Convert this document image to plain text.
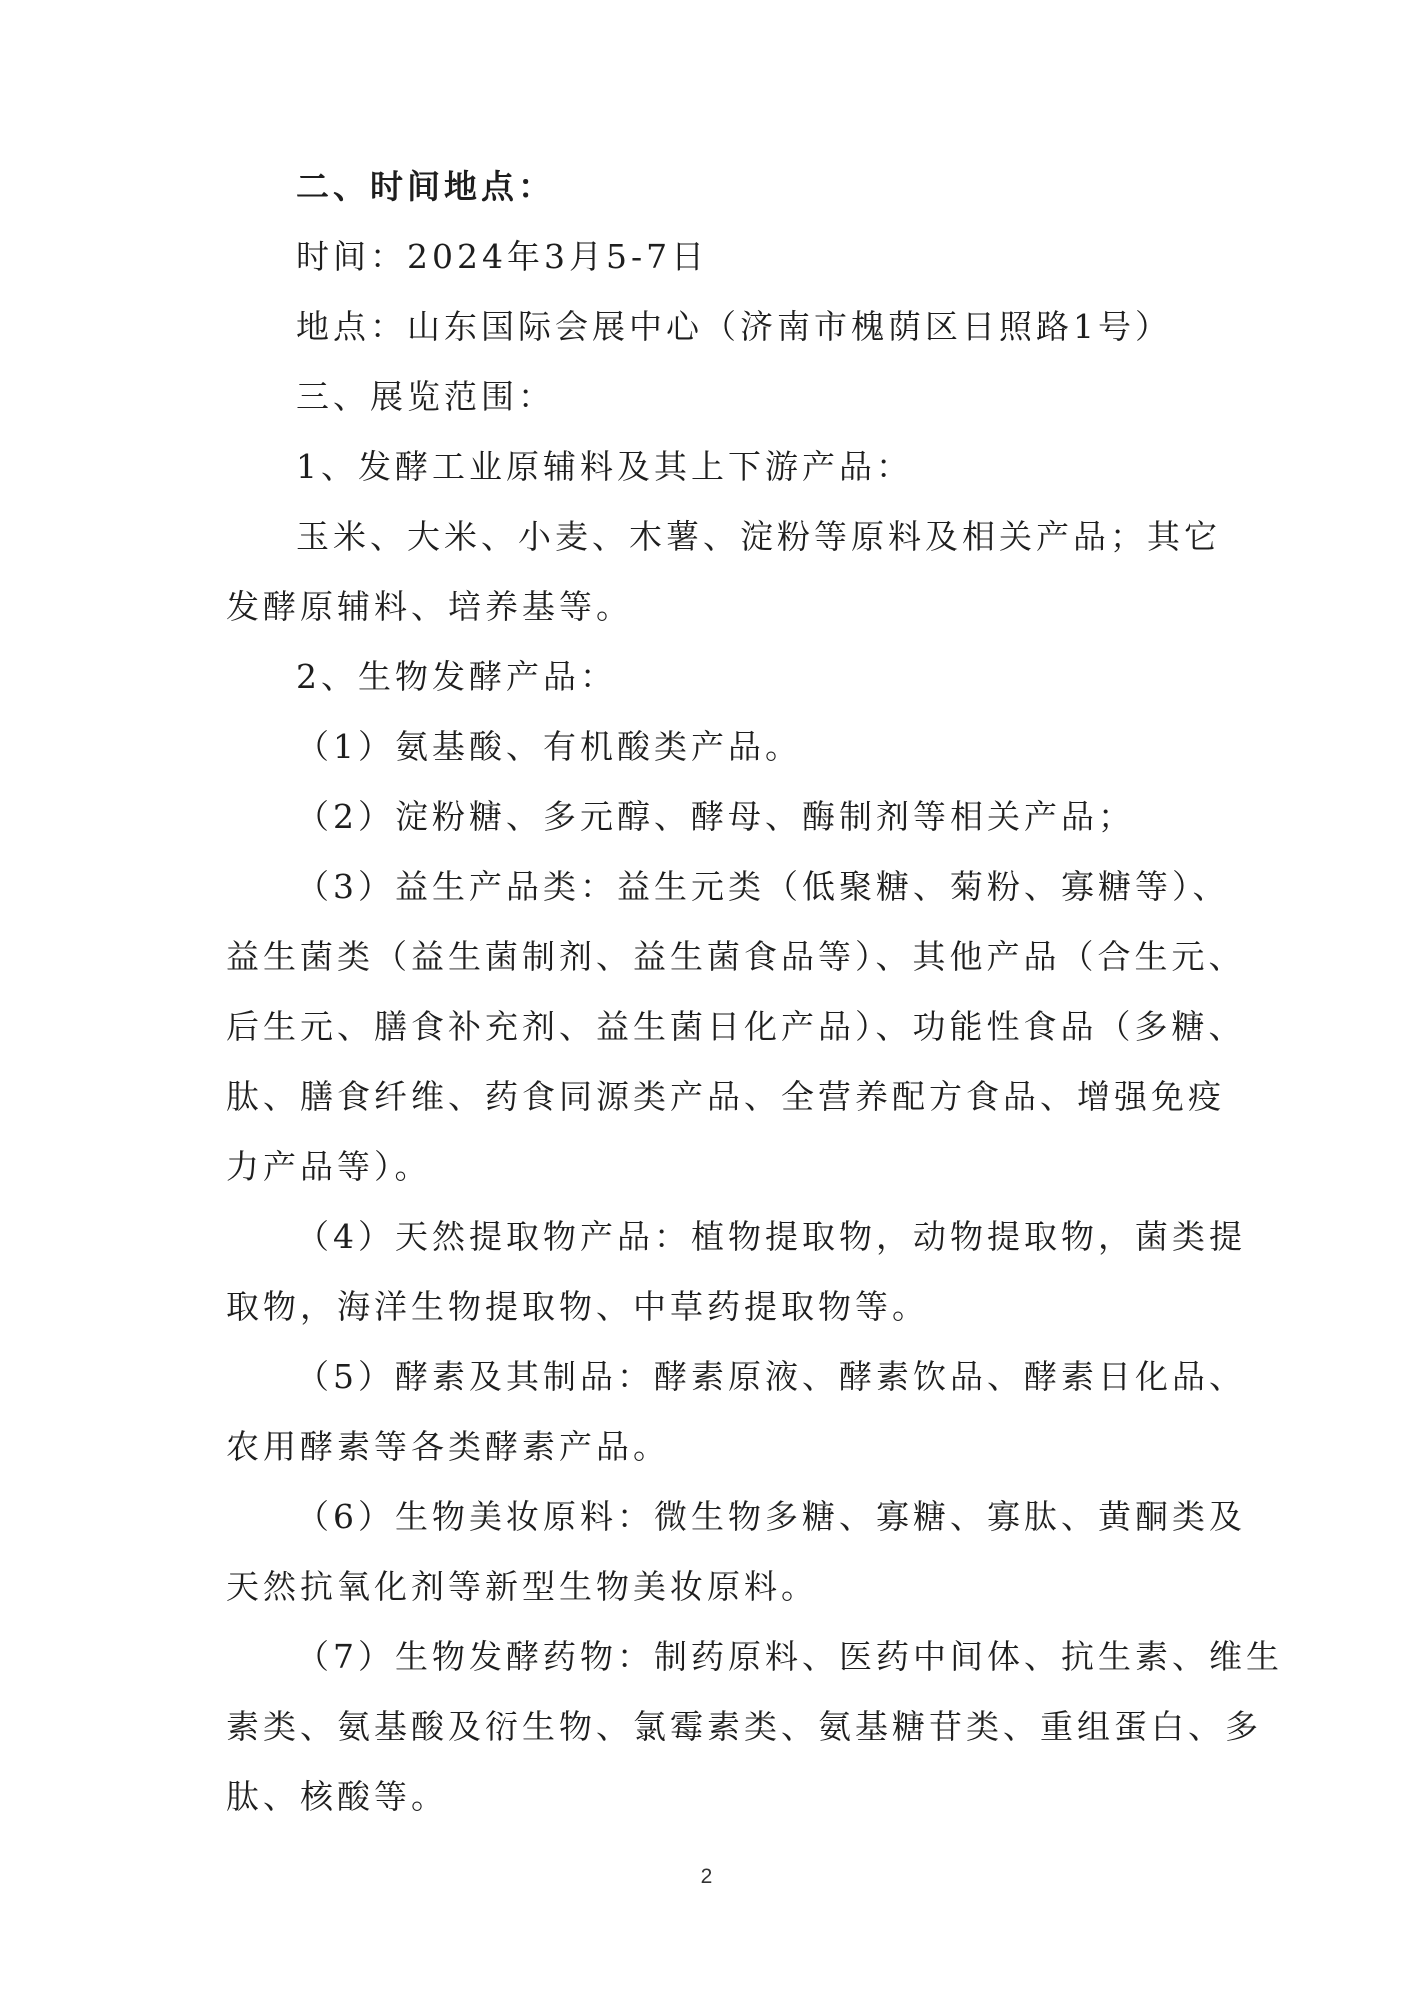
二、时间地点：
时间：2024年3月5-7日
地点：山东国际会展中心（济南市槐荫区日照路1号）
三、展览范围：
1、发酵工业原辅料及其上下游产品：
玉米、大米、小麦、木薯、淀粉等原料及相关产品；其它
发酵原辅料、培养基等。
2、生物发酵产品：
（1）氨基酸、有机酸类产品。
（2）淀粉糖、多元醇、酵母、酶制剂等相关产品；
（3）益生产品类：益生元类（低聚糖、菊粉、寡糖等）、
益生菌类（益生菌制剂、益生菌食品等）、其他产品（合生元、
后生元、膳食补充剂、益生菌日化产品）、功能性食品（多糖、
肽、膳食纤维、药食同源类产品、全营养配方食品、增强免疫
力产品等）。
（4）天然提取物产品：植物提取物，动物提取物，菌类提
取物，海洋生物提取物、中草药提取物等。
（5）酵素及其制品：酵素原液、酵素饮品、酵素日化品、
农用酵素等各类酵素产品。
（6）生物美妆原料：微生物多糖、寡糖、寡肽、黄酮类及
天然抗氧化剂等新型生物美妆原料。
（7）生物发酵药物：制药原料、医药中间体、抗生素、维生
素类、氨基酸及衍生物、氯霉素类、氨基糖苷类、重组蛋白、多
肽、核酸等。
2
